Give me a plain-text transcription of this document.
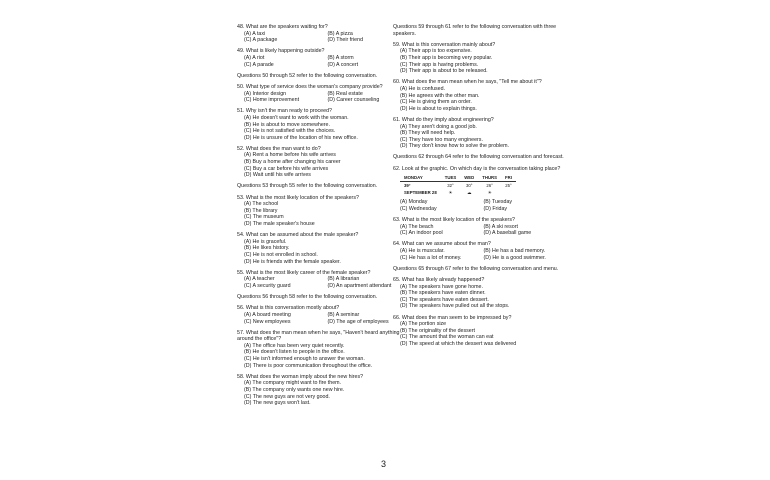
48. What are the speakers waiting for?
(A) A taxi	(B) A pizza
(C) A package	(D) Their friend
49. What is likely happening outside?
(A) A riot	(B) A storm
(C) A parade	(D) A concert
Questions 50 through 52 refer to the following conversation.
50. What type of service does the woman's company provide?
(A) Interior design	(B) Real estate
(C) Home improvement	(D) Career counseling
51. Why isn't the man ready to proceed?
(A) He doesn't want to work with the woman.
(B) He is about to move somewhere.
(C) He is not satisfied with the choices.
(D) He is unsure of the location of his new office.
52. What does the man want to do?
(A) Rent a home before his wife arrives
(B) Buy a home after changing his career
(C) Buy a car before his wife arrives
(D) Wait until his wife arrives
Questions 53 through 55 refer to the following conversation.
53. What is the most likely location of the speakers?
(A) The school
(B) The library
(C) The museum
(D) The male speaker's house
54. What can be assumed about the male speaker?
(A) He is graceful.
(B) He likes history.
(C) He is not enrolled in school.
(D) He is friends with the female speaker.
55. What is the most likely career of the female speaker?
(A) A teacher	(B) A librarian
(C) A security guard	(D) An apartment attendant
Questions 56 through 58 refer to the following conversation.
56. What is this conversation mostly about?
(A) A board meeting	(B) A seminar
(C) New employees	(D) The age of employees
57. What does the man mean when he says, "Haven't heard anything around the office"?
(A) The office has been very quiet recently.
(B) He doesn't listen to people in the office.
(C) He isn't informed enough to answer the woman.
(D) There is poor communication throughout the office.
58. What does the woman imply about the new hires?
(A) The company might want to fire them.
(B) The company only wants one new hire.
(C) The new guys are not very good.
(D) The new guys won't last.
Questions 59 through 61 refer to the following conversation with three speakers.
59. What is this conversation mainly about?
(A) Their app is too expensive.
(B) Their app is becoming very popular.
(C) Their app is having problems.
(D) Their app is about to be released.
60. What does the man mean when he says, "Tell me about it"?
(A) He is confused.
(B) He agrees with the other man.
(C) He is giving them an order.
(D) He is about to explain things.
61. What do they imply about engineering?
(A) They aren't doing a good job.
(B) They will need help.
(C) They have too many engineers.
(D) They don't know how to solve the problem.
Questions 62 through 64 refer to the following conversation and forecast.
62. Look at the graphic. On which day is the conversation taking place?
MONDAY	TUES	WED	THURS	FRI
39°	32°	30°	26°	25°
SEPTEMBER 28	☀	☁	☀	
(A) Monday	(B) Tuesday
(C) Wednesday	(D) Friday
63. What is the most likely location of the speakers?
(A) The beach	(B) A ski resort
(C) An indoor pool	(D) A baseball game
64. What can we assume about the man?
(A) He is muscular.	(B) He has a bad memory.
(C) He has a lot of money.	(D) He is a good swimmer.
Questions 65 through 67 refer to the following conversation and menu.
65. What has likely already happened?
(A) The speakers have gone home.
(B) The speakers have eaten dinner.
(C) The speakers have eaten dessert.
(D) The speakers have pulled out all the stops.
66. What does the man seem to be impressed by?
(A) The portion size
(B) The originality of the dessert
(C) The amount that the woman can eat
(D) The speed at which the dessert was delivered
3
